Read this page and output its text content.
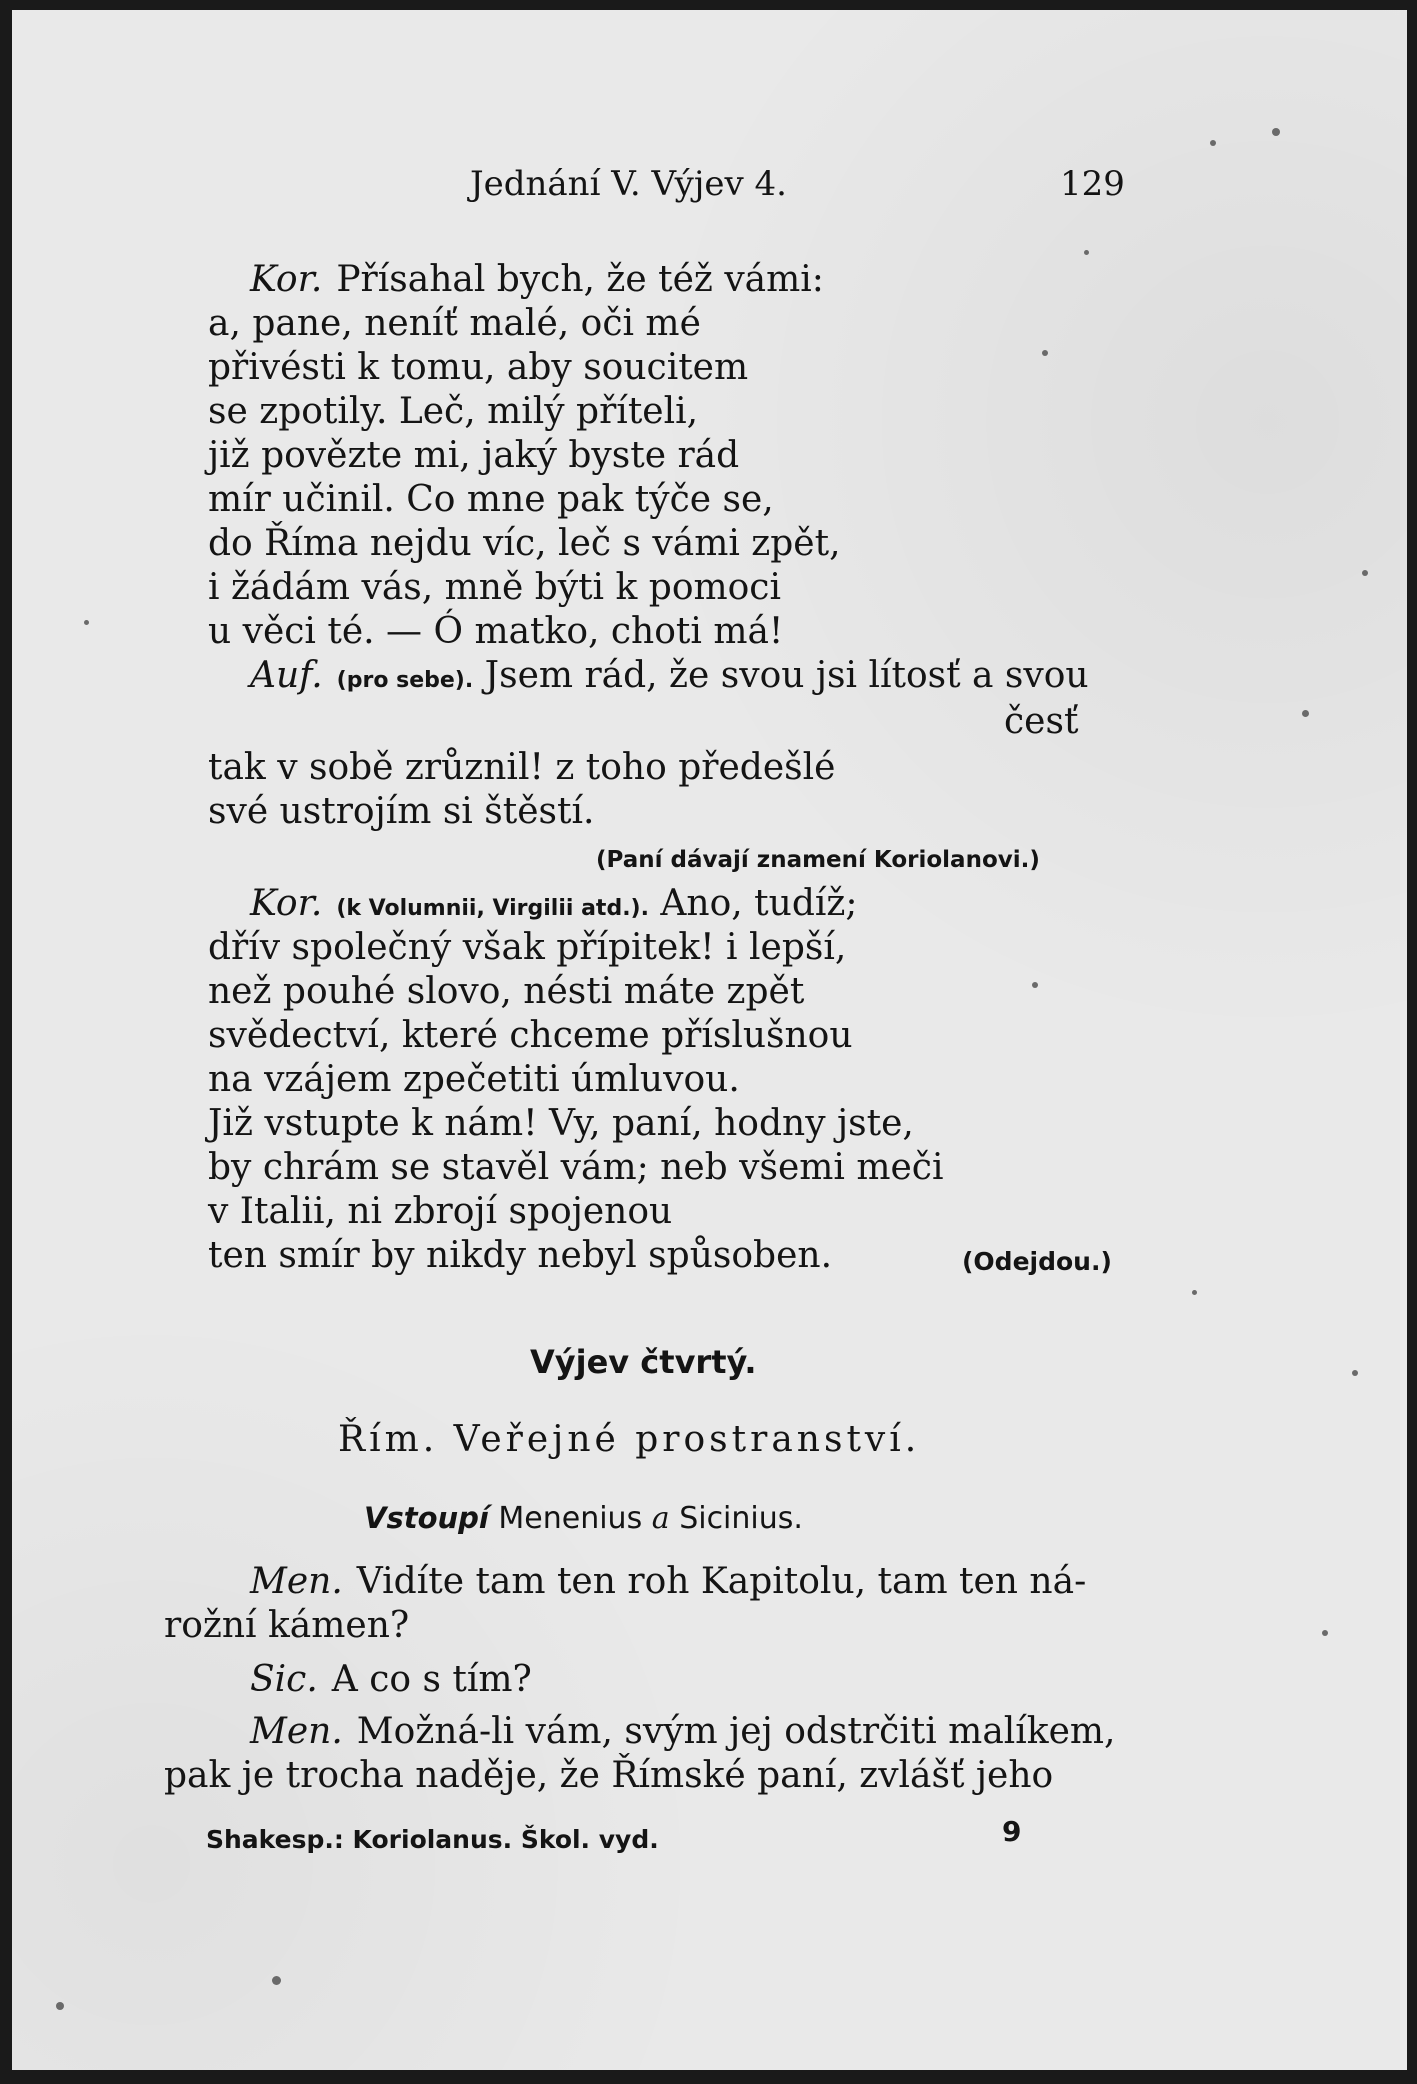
Jednání V. Výjev 4.	129
Kor. Přísahal bych, že též vámi:
a, pane, neníť malé, oči mé
přivésti k tomu, aby soucitem
se zpotily. Leč, milý příteli,
již povězte mi, jaký byste rád
mír učinil. Co mne pak týče se,
do Říma nejdu víc, leč s vámi zpět,
i žádám vás, mně býti k pomoci
u věci té. — Ó matko, choti má!
Auf. (pro sebe). Jsem rád, že svou jsi lítosť a svou
česť
tak v sobě zrůznil! z toho předešlé
své ustrojím si štěstí.
(Paní dávají znamení Koriolanovi.)
Kor. (k Volumnii, Virgilii atd.). Ano, tudíž;
dřív společný však přípitek! i lepší,
než pouhé slovo, nésti máte zpět
svědectví, které chceme příslušnou
na vzájem zpečetiti úmluvou.
Již vstupte k nám! Vy, paní, hodny jste,
by chrám se stavěl vám; neb všemi meči
v Italii, ni zbrojí spojenou
ten smír by nikdy nebyl spůsoben.	(Odejdou.)
Výjev čtvrtý.
Řím. Veřejné prostranství.
Vstoupí Menenius a Sicinius.
Men. Vidíte tam ten roh Kapitolu, tam ten ná-
rožní kámen?
Sic. A co s tím?
Men. Možná-li vám, svým jej odstrčiti malíkem,
pak je trocha naděje, že Římské paní, zvlášť jeho
Shakesp.: Koriolanus. Škol. vyd.	9
